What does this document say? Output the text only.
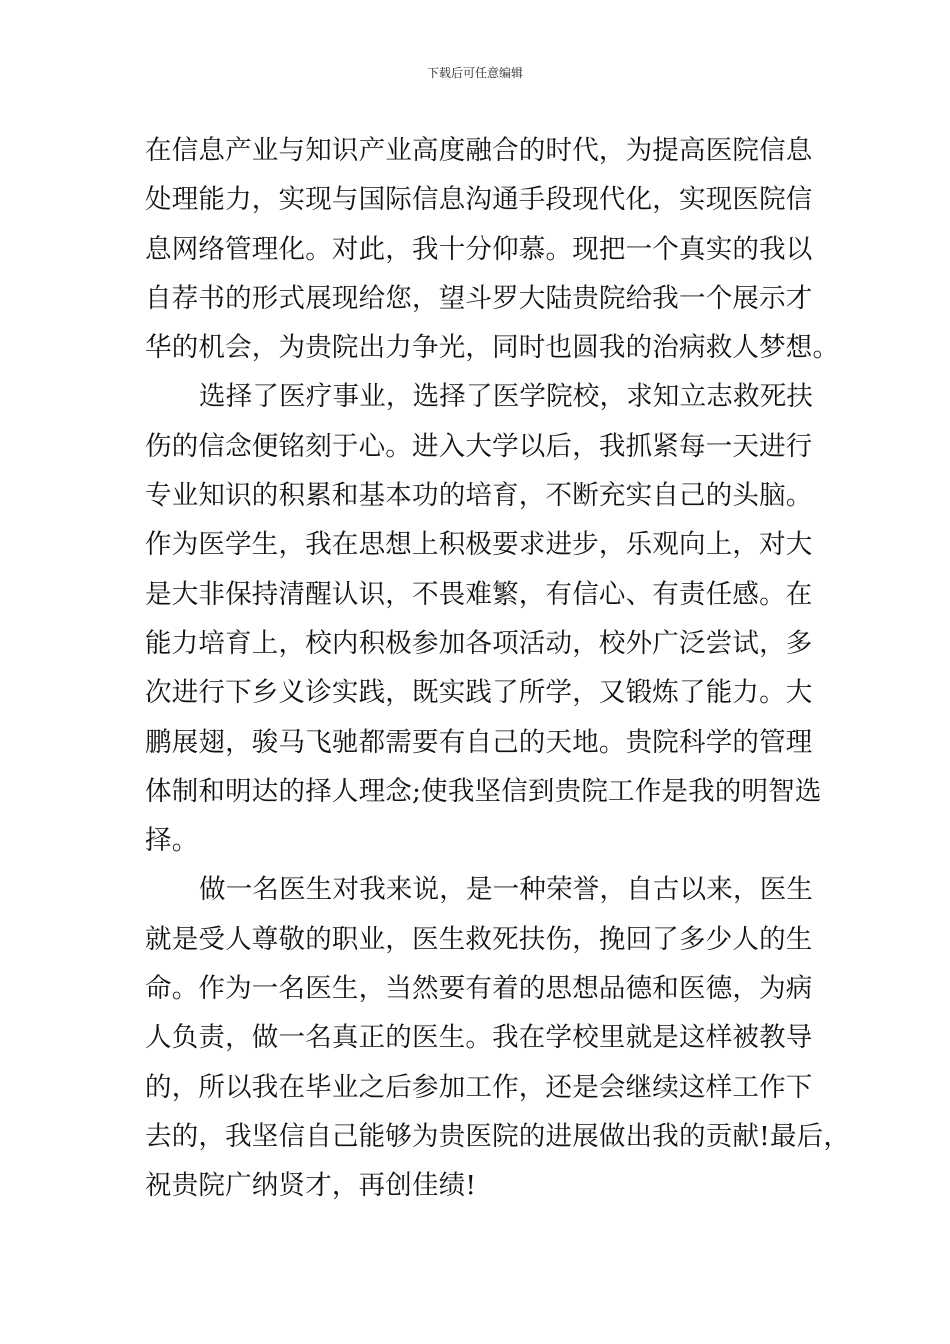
下载后可任意编辑
在信息产业与知识产业高度融合的时代，为提高医院信息
处理能力，实现与国际信息沟通手段现代化，实现医院信
息网络管理化。对此，我十分仰慕。现把一个真实的我以
自荐书的形式展现给您，望斗罗大陆贵院给我一个展示才
华的机会，为贵院出力争光，同时也圆我的治病救人梦想。
选择了医疗事业，选择了医学院校，求知立志救死扶
伤的信念便铭刻于心。进入大学以后，我抓紧每一天进行
专业知识的积累和基本功的培育，不断充实自己的头脑。
作为医学生，我在思想上积极要求进步，乐观向上，对大
是大非保持清醒认识，不畏难繁，有信心、有责任感。在
能力培育上，校内积极参加各项活动，校外广泛尝试，多
次进行下乡义诊实践，既实践了所学，又锻炼了能力。大
鹏展翅，骏马飞驰都需要有自己的天地。贵院科学的管理
体制和明达的择人理念;使我坚信到贵院工作是我的明智选
择。
做一名医生对我来说，是一种荣誉，自古以来，医生
就是受人尊敬的职业，医生救死扶伤，挽回了多少人的生
命。作为一名医生，当然要有着的思想品德和医德，为病
人负责，做一名真正的医生。我在学校里就是这样被教导
的，所以我在毕业之后参加工作，还是会继续这样工作下
去的，我坚信自己能够为贵医院的进展做出我的贡献!最后，
祝贵院广纳贤才，再创佳绩!
